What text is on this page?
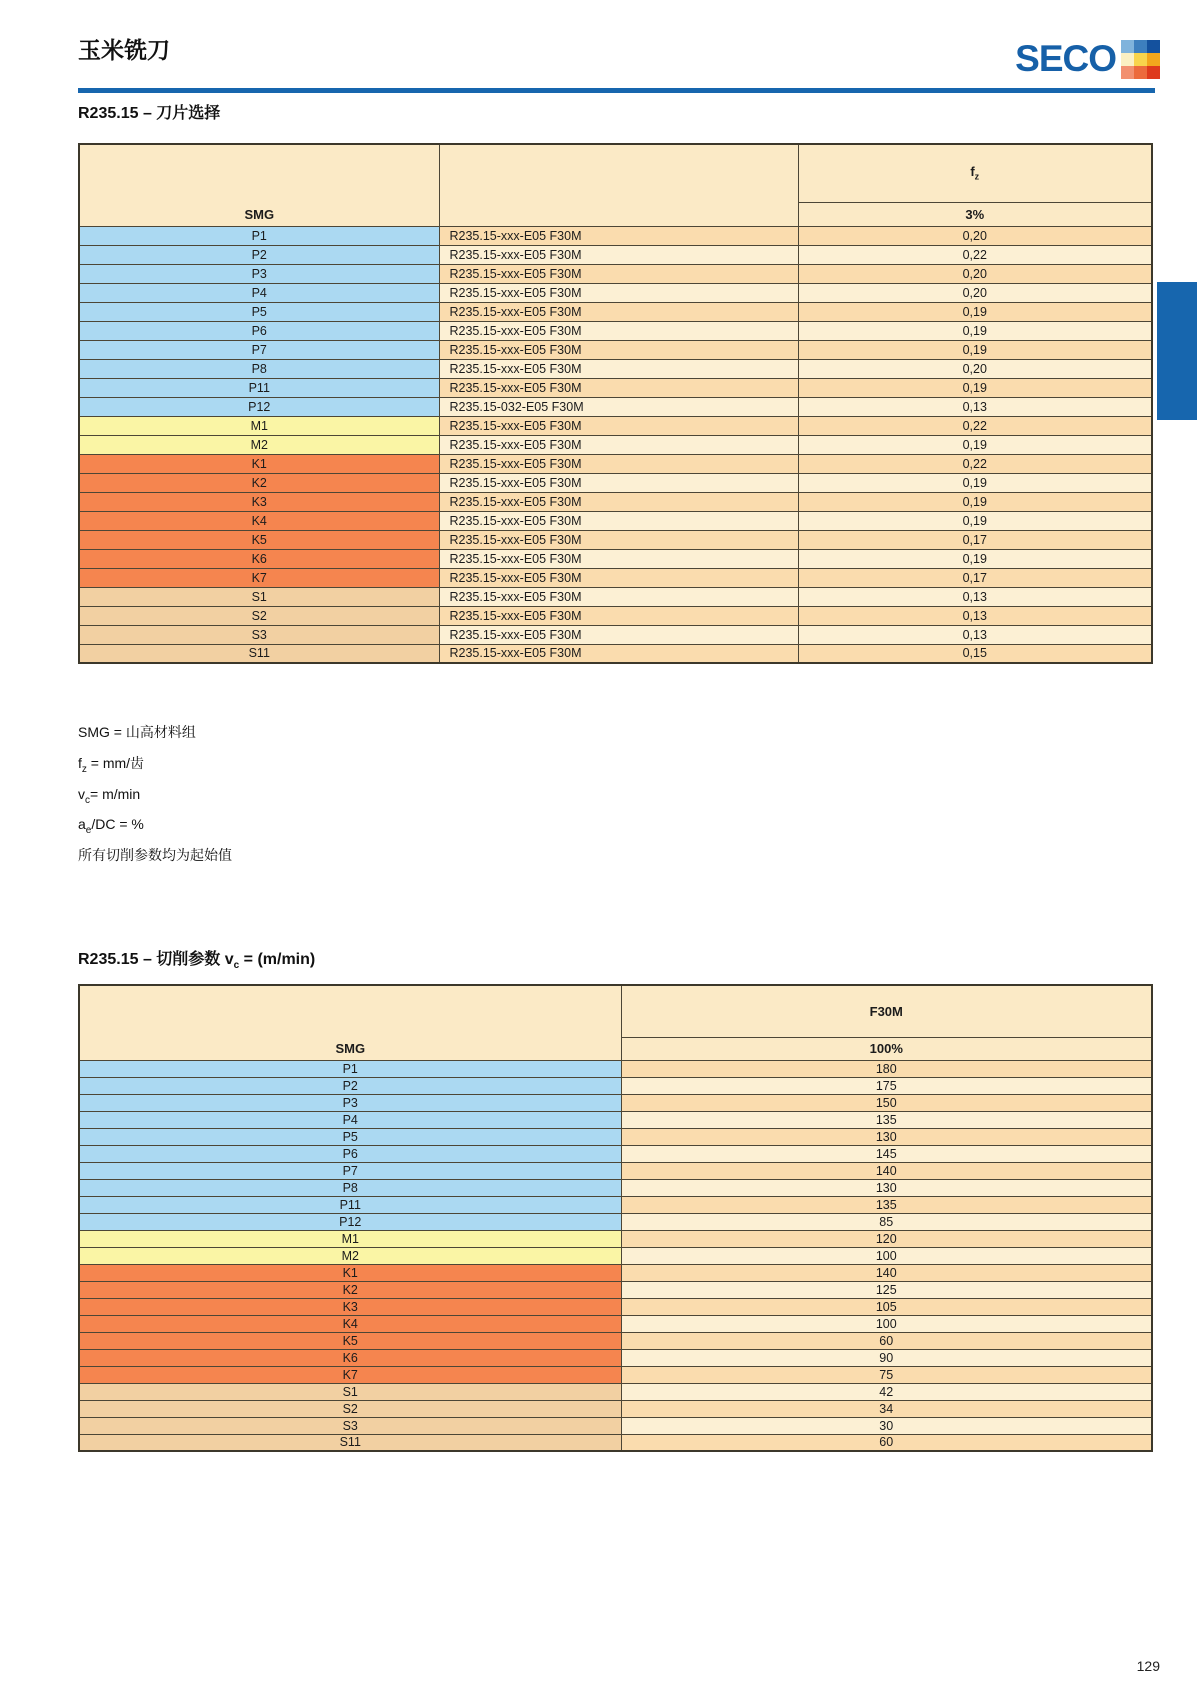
玉米铣刀	SECO
R235.15 – 刀片选择
SMG		$f_z$
		3%
P1	R235.15-xxx-E05 F30M	0,20
P2	R235.15-xxx-E05 F30M	0,22
P3	R235.15-xxx-E05 F30M	0,20
P4	R235.15-xxx-E05 F30M	0,20
P5	R235.15-xxx-E05 F30M	0,19
P6	R235.15-xxx-E05 F30M	0,19
P7	R235.15-xxx-E05 F30M	0,19
P8	R235.15-xxx-E05 F30M	0,20
P11	R235.15-xxx-E05 F30M	0,19
P12	R235.15-032-E05 F30M	0,13
M1	R235.15-xxx-E05 F30M	0,22
M2	R235.15-xxx-E05 F30M	0,19
K1	R235.15-xxx-E05 F30M	0,22
K2	R235.15-xxx-E05 F30M	0,19
K3	R235.15-xxx-E05 F30M	0,19
K4	R235.15-xxx-E05 F30M	0,19
K5	R235.15-xxx-E05 F30M	0,17
K6	R235.15-xxx-E05 F30M	0,19
K7	R235.15-xxx-E05 F30M	0,17
S1	R235.15-xxx-E05 F30M	0,13
S2	R235.15-xxx-E05 F30M	0,13
S3	R235.15-xxx-E05 F30M	0,13
S11	R235.15-xxx-E05 F30M	0,15
SMG = 山高材料组
$f_z = mm/$齿
$v_c= m/\min$
$a_e/DC$ = %
所有切削参数均为起始值
R235.15 – 切削参数 $v_c = (m/\min)$
SMG	F30M
	100%
P1	180
P2	175
P3	150
P4	135
P5	130
P6	145
P7	140
P8	130
P11	135
P12	85
M1	120
M2	100
K1	140
K2	125
K3	105
K4	100
K5	60
K6	90
K7	75
S1	42
S2	34
S3	30
S11	60
129
